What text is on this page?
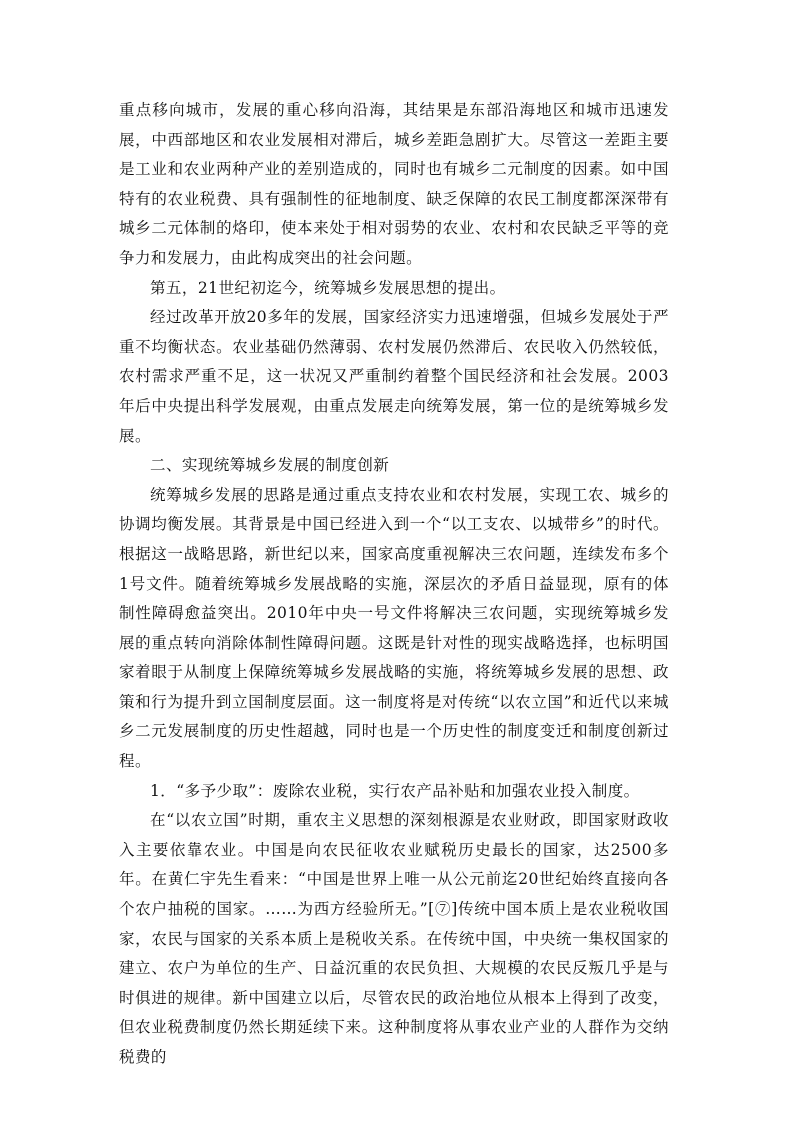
重点移向城市，发展的重心移向沿海，其结果是东部沿海地区和城市迅速发展，中西部地区和农业发展相对滞后，城乡差距急剧扩大。尽管这一差距主要是工业和农业两种产业的差别造成的，同时也有城乡二元制度的因素。如中国特有的农业税费、具有强制性的征地制度、缺乏保障的农民工制度都深深带有城乡二元体制的烙印，使本来处于相对弱势的农业、农村和农民缺乏平等的竞争力和发展力，由此构成突出的社会问题。

第五，21世纪初迄今，统筹城乡发展思想的提出。

经过改革开放20多年的发展，国家经济实力迅速增强，但城乡发展处于严重不均衡状态。农业基础仍然薄弱、农村发展仍然滞后、农民收入仍然较低，农村需求严重不足，这一状况又严重制约着整个国民经济和社会发展。2003年后中央提出科学发展观，由重点发展走向统筹发展，第一位的是统筹城乡发展。

二、实现统筹城乡发展的制度创新

统筹城乡发展的思路是通过重点支持农业和农村发展，实现工农、城乡的协调均衡发展。其背景是中国已经进入到一个“以工支农、以城带乡”的时代。根据这一战略思路，新世纪以来，国家高度重视解决三农问题，连续发布多个1号文件。随着统筹城乡发展战略的实施，深层次的矛盾日益显现，原有的体制性障碍愈益突出。2010年中央一号文件将解决三农问题，实现统筹城乡发展的重点转向消除体制性障碍问题。这既是针对性的现实战略选择，也标明国家着眼于从制度上保障统筹城乡发展战略的实施，将统筹城乡发展的思想、政策和行为提升到立国制度层面。这一制度将是对传统“以农立国”和近代以来城乡二元发展制度的历史性超越，同时也是一个历史性的制度变迁和制度创新过程。

1．“多予少取”：废除农业税，实行农产品补贴和加强农业投入制度。

在“以农立国”时期，重农主义思想的深刻根源是农业财政，即国家财政收入主要依靠农业。中国是向农民征收农业赋税历史最长的国家，达2500多年。在黄仁宇先生看来：“中国是世界上唯一从公元前迄20世纪始终直接向各个农户抽税的国家。……为西方经验所无。”[⑦]传统中国本质上是农业税收国家，农民与国家的关系本质上是税收关系。在传统中国，中央统一集权国家的建立、农户为单位的生产、日益沉重的农民负担、大规模的农民反叛几乎是与时俱进的规律。新中国建立以后，尽管农民的政治地位从根本上得到了改变，但农业税费制度仍然长期延续下来。这种制度将从事农业产业的人群作为交纳税费的
